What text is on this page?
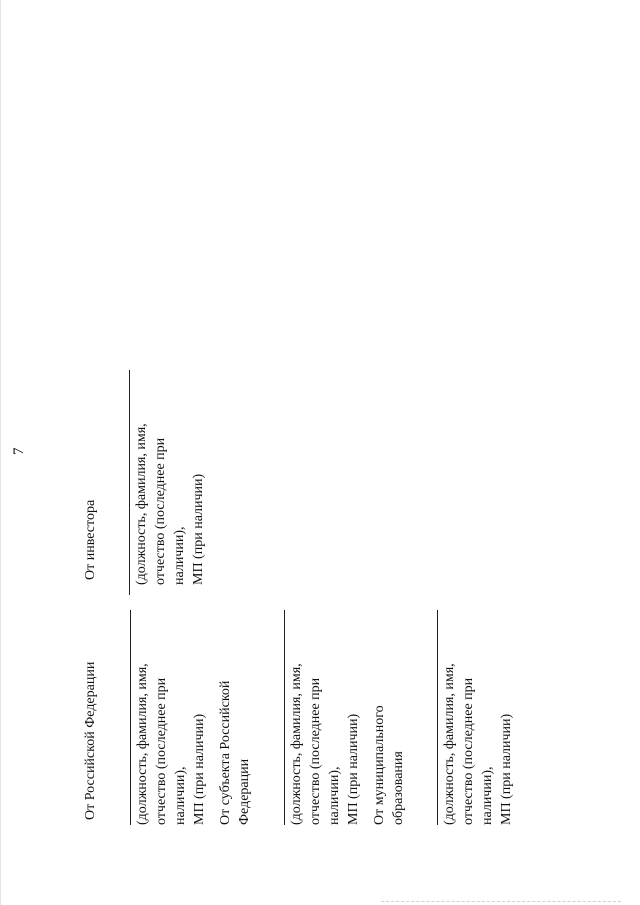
7
От Российской Федерации	(должность, фамилия, имя, отчество (последнее при наличии), МП (при наличии) От субъекта Российской Федерации	(должность, фамилия, имя, отчество (последнее при наличии), МП (при наличии) От муниципального образования	(должность, фамилия, имя, отчество (последнее при наличии), МП (при наличии)
От инвестора	(должность, фамилия, имя, отчество (последнее при наличии), МП (при наличии)
